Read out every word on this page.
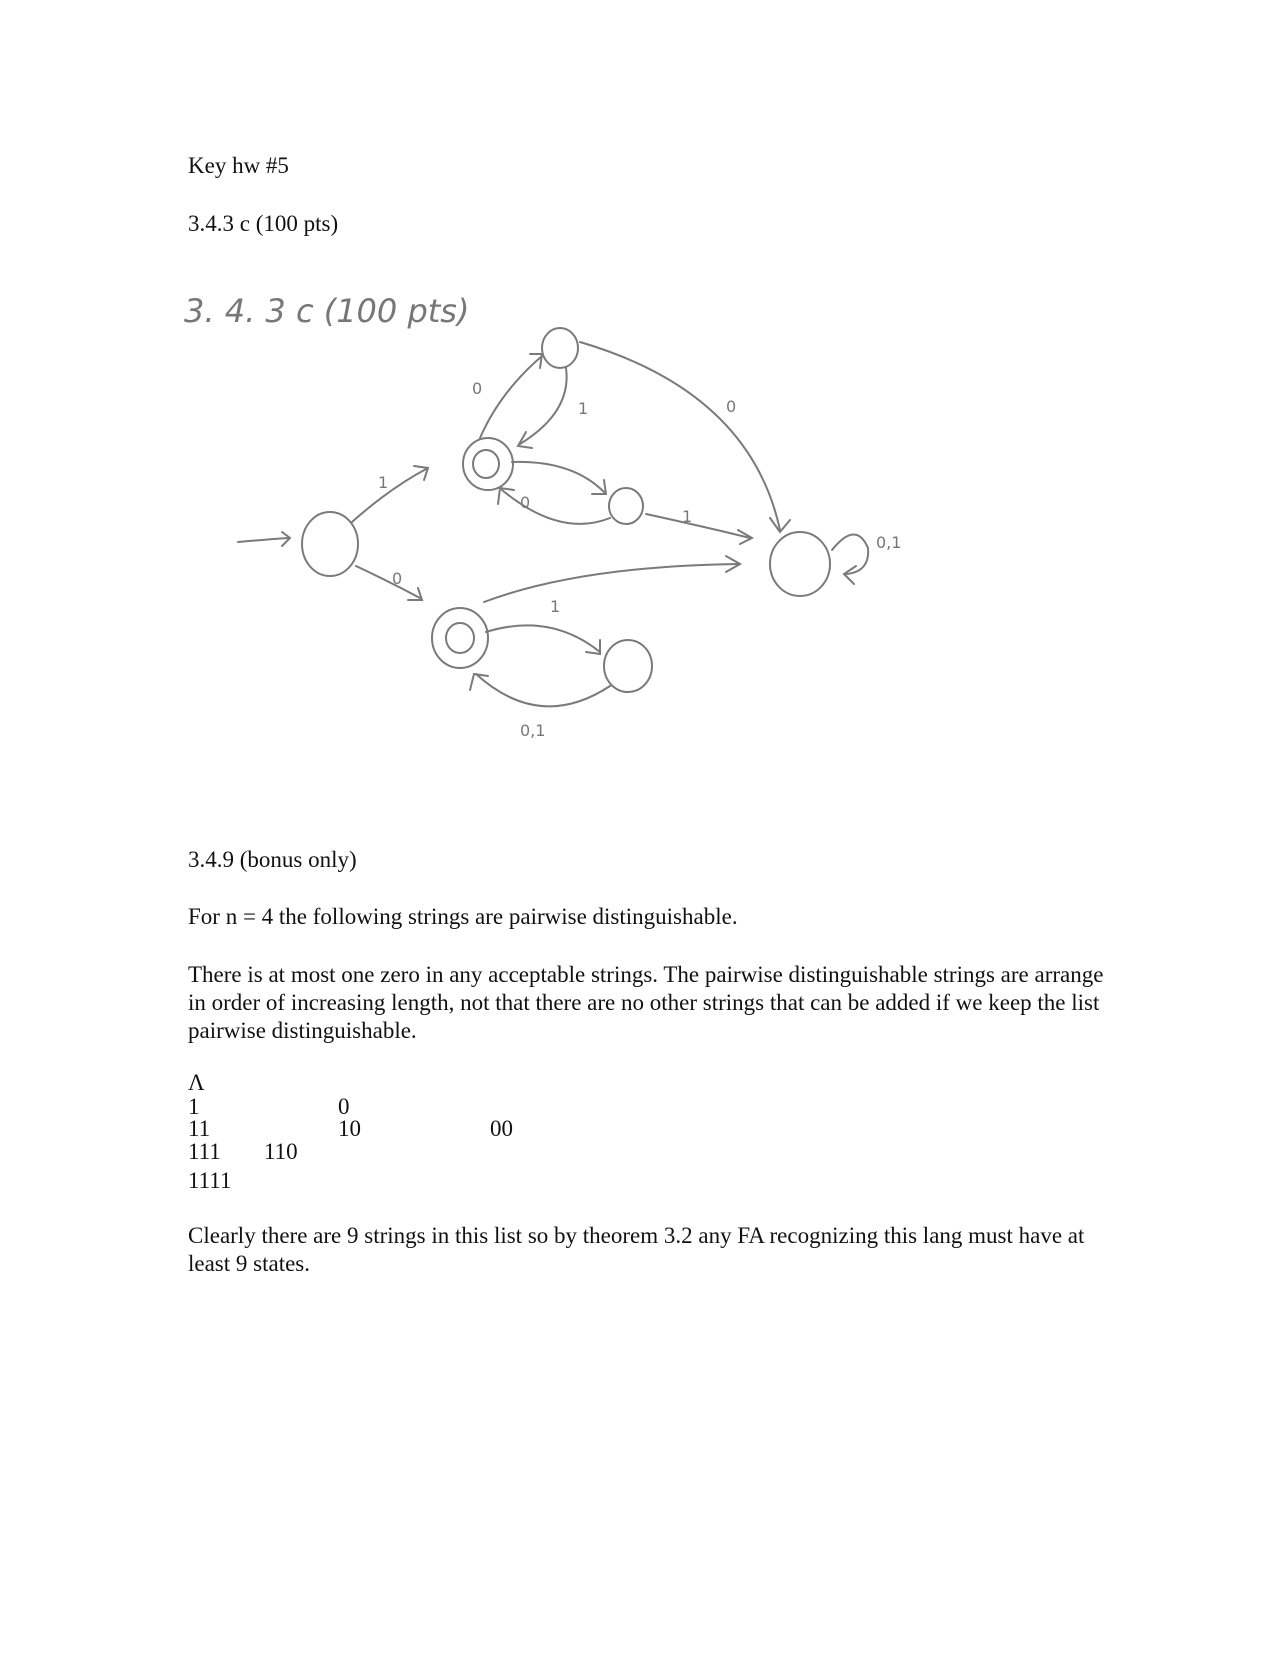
Key hw #5
3.4.3 c (100 pts)
3. 4. 3 c (100 pts)
0
1
1
0
0
1
0
1
0,1
0,1
3.4.9 (bonus only)
For n = 4 the following strings are pairwise distinguishable.
There is at most one zero in any acceptable strings. The pairwise distinguishable strings are arrange in order of increasing length, not that there are no other strings that can be added if we keep the list pairwise distinguishable.
Λ
1	0
11	10	00
111 110
1111
Clearly there are 9 strings in this list so by theorem 3.2 any FA recognizing this lang must have at least 9 states.
